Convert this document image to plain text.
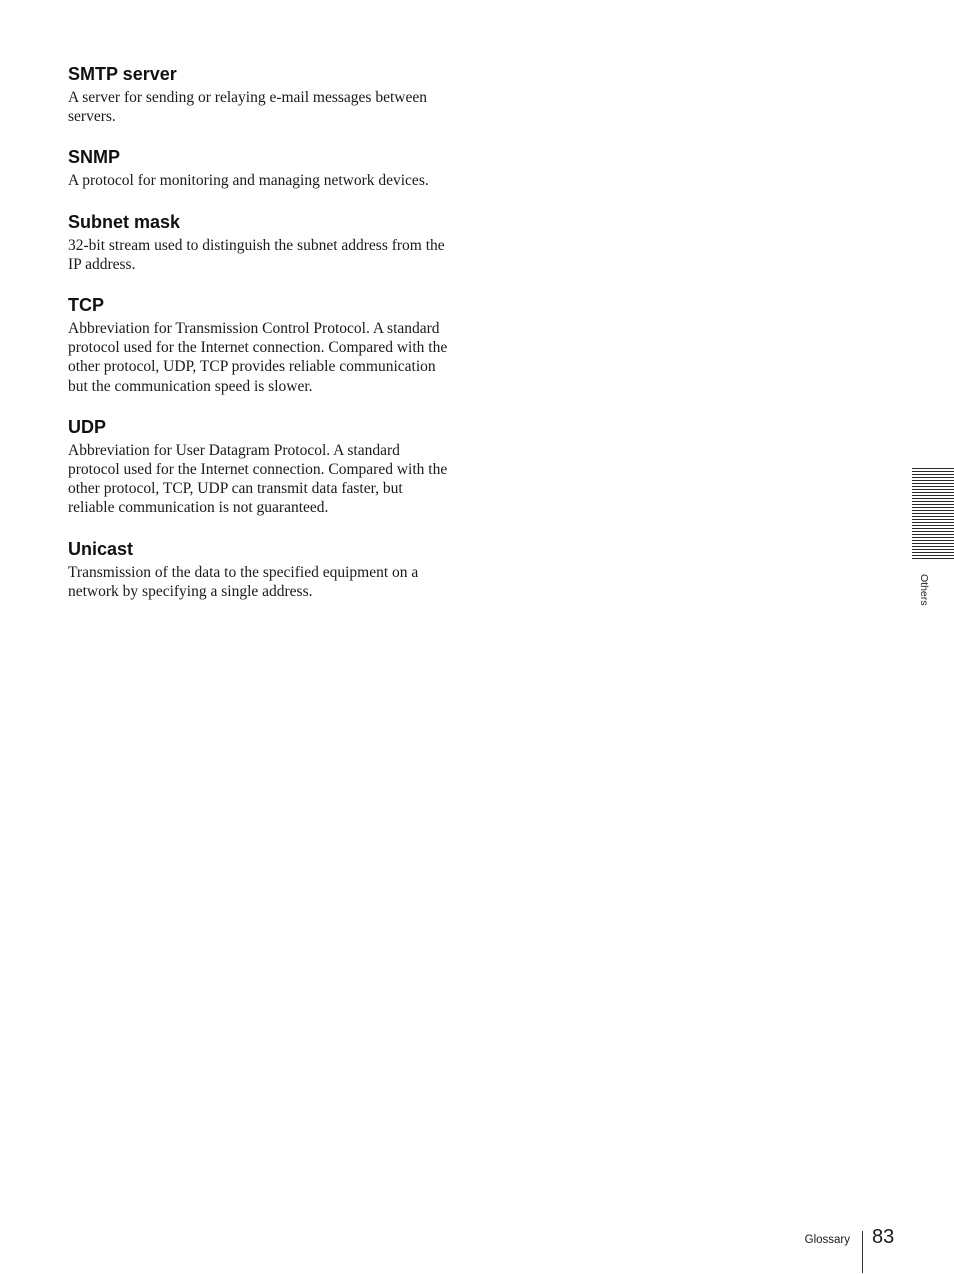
SMTP server

A server for sending or relaying e-mail messages between servers.

SNMP

A protocol for monitoring and managing network devices.

Subnet mask

32-bit stream used to distinguish the subnet address from the IP address.

TCP

Abbreviation for Transmission Control Protocol. A standard protocol used for the Internet connection. Compared with the other protocol, UDP, TCP provides reliable communication but the communication speed is slower.

UDP

Abbreviation for User Datagram Protocol. A standard protocol used for the Internet connection. Compared with the other protocol, TCP, UDP can transmit data faster, but reliable communication is not guaranteed.

Unicast

Transmission of the data to the specified equipment on a network by specifying a single address.	Others
Glossary 83
